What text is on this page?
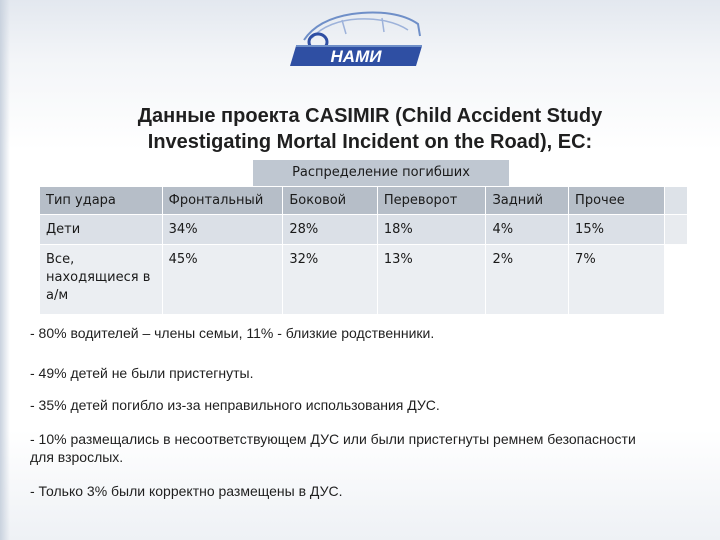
НАМИ
Данные проекта CASIMIR (Child Accident Study
Investigating Mortal Incident on the Road), EC:
Распределение погибших
Тип удара	Фронтальный	Боковой	Переворот	Задний	Прочее	
Дети	34%	28%	18%	4%	15%	
Все, находящиеся в а/м	45%	32%	13%	2%	7%	

- 80% водителей – члены семьи, 11% - близкие родственники.

- 49% детей не были пристегнуты.

- 35% детей погибло из-за неправильного использования ДУС.

- 10% размещались в несоответствующем ДУС или были пристегнуты ремнем безопасности для взрослых.

- Только 3% были корректно размещены в ДУС.
